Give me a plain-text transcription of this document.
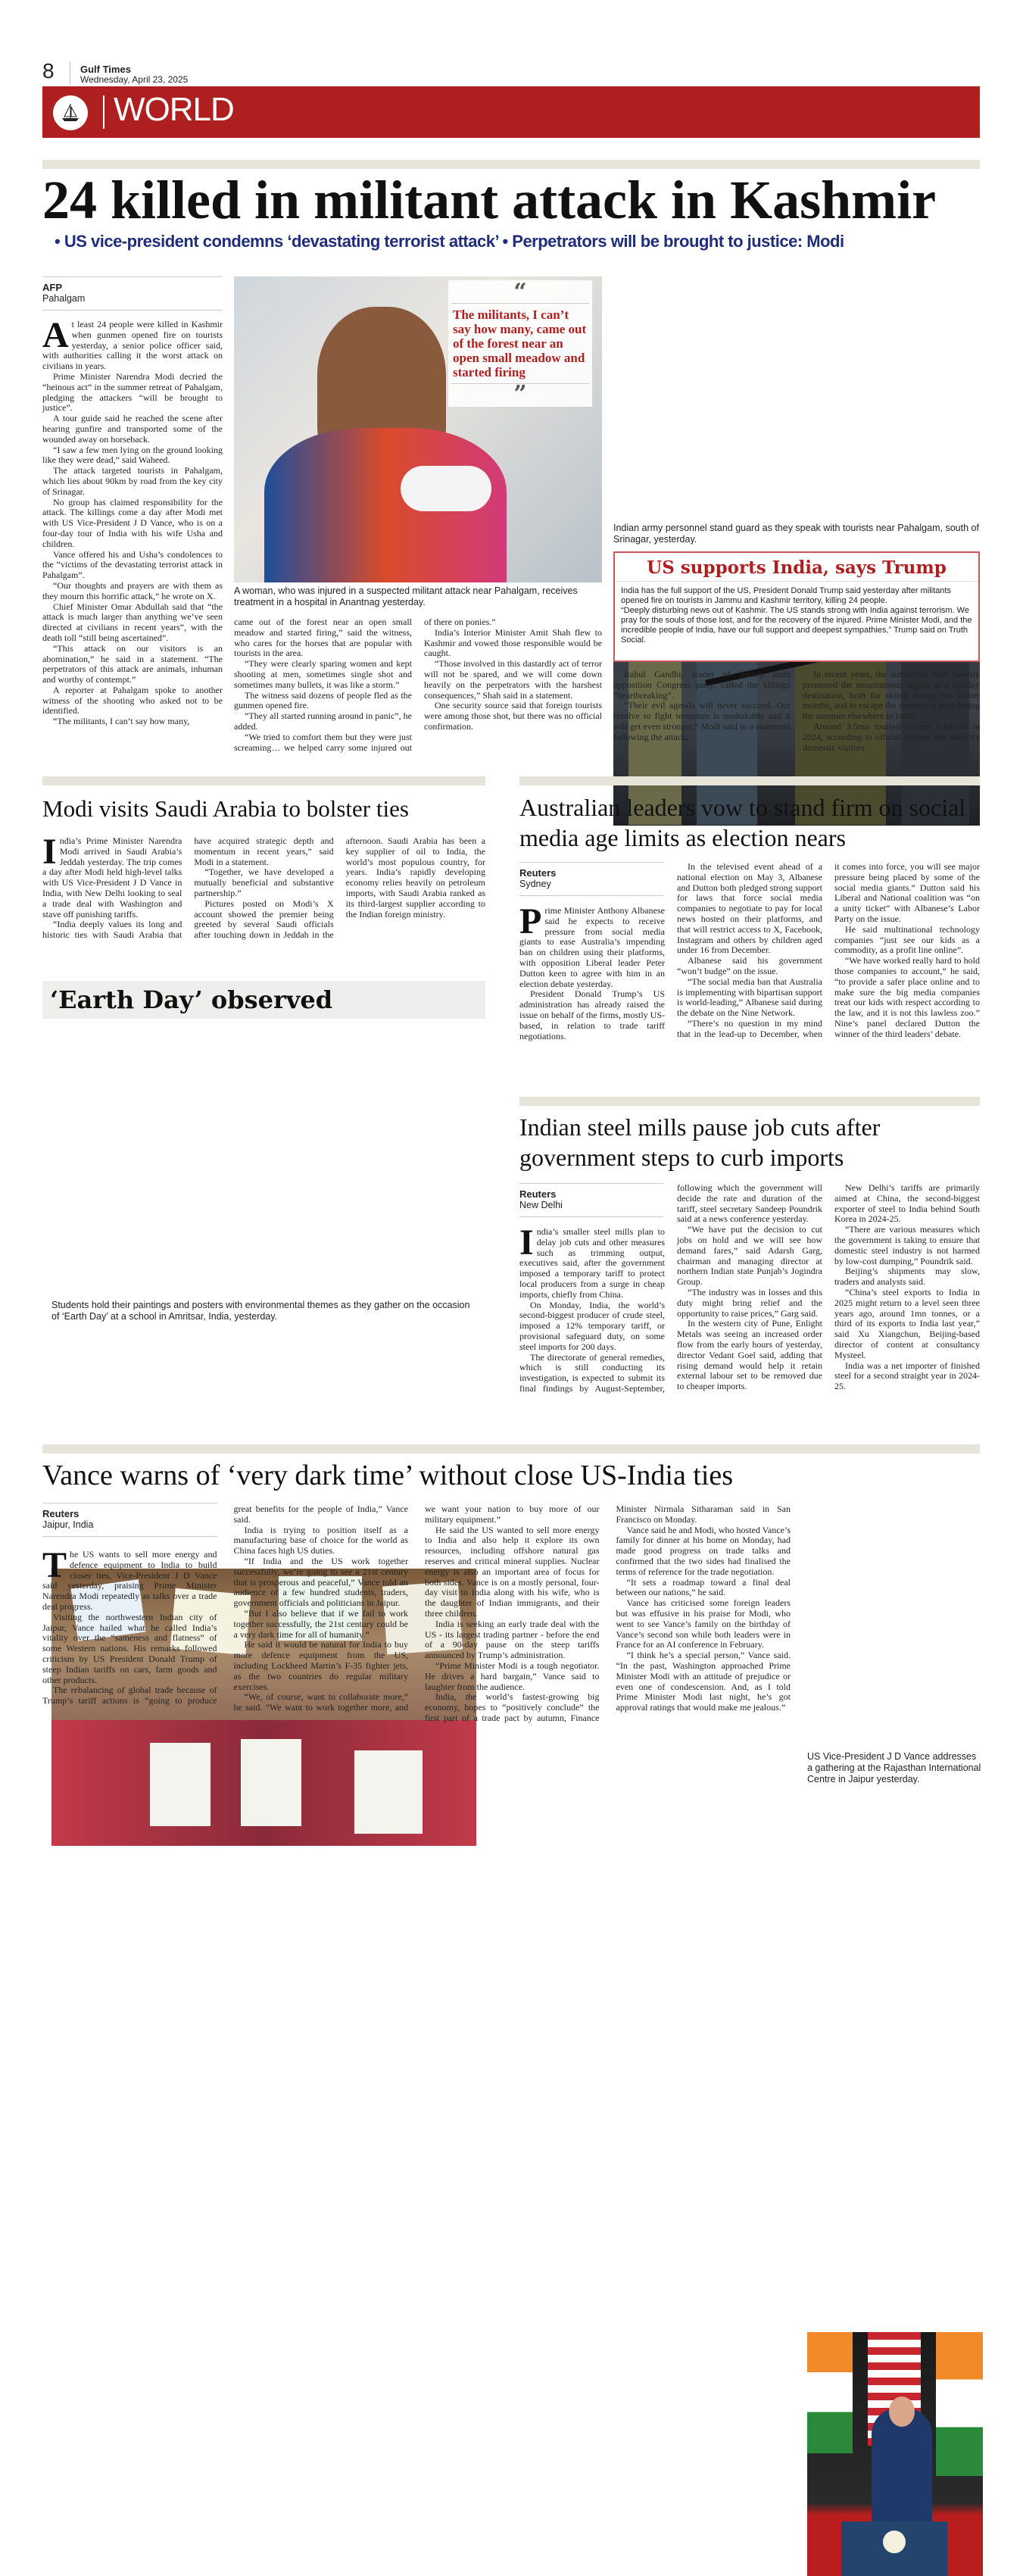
8	Gulf Times
Wednesday, April 23, 2025
WORLD
24 killed in militant attack in Kashmir
• US vice-president condemns ‘devastating terrorist attack’ • Perpetrators will be brought to justice: Modi
AFP
Pahalgam

At least 24 people were killed in Kashmir when gunmen opened fire on tourists yesterday, a senior police officer said, with authorities calling it the worst attack on civilians in years.

Prime Minister Narendra Modi decried the “heinous act” in the summer retreat of Pahalgam, pledging the attackers “will be brought to justice”.

A tour guide said he reached the scene after hearing gunfire and transported some of the wounded away on horseback.

“I saw a few men lying on the ground looking like they were dead,” said Waheed.

The attack targeted tourists in Pahalgam, which lies about 90km by road from the key city of Srinagar.

No group has claimed responsibility for the attack. The killings come a day after Modi met with US Vice-President J D Vance, who is on a four-day tour of India with his wife Usha and children.

Vance offered his and Usha’s condolences to the “victims of the devastating terrorist attack in Pahalgam”.

“Our thoughts and prayers are with them as they mourn this horrific attack,” he wrote on X.

Chief Minister Omar Abdullah said that “the attack is much larger than anything we’ve seen directed at civilians in recent years”, with the death toll “still being ascertained”.

“This attack on our visitors is an abomination,” he said in a statement. “The perpetrators of this attack are animals, inhuman and worthy of contempt.”

A reporter at Pahalgam spoke to another witness of the shooting who asked not to be identified.

“The militants, I can’t say how many,

“
The militants, I can’t say how many, came out of the forest near an open small meadow and started firing
”
A woman, who was injured in a suspected militant attack near Pahalgam, receives treatment in a hospital in Anantnag yesterday.

came out of the forest near an open small meadow and started firing,” said the witness, who cares for the horses that are popular with tourists in the area.

“They were clearly sparing women and kept shooting at men, sometimes single shot and sometimes many bullets, it was like a storm.”

The witness said dozens of people fled as the gunmen opened fire.

“They all started running around in panic”, he added.

“We tried to comfort them but they were just screaming… we helped carry some injured out of there on ponies.”

India’s Interior Minister Amit Shah flew to Kashmir and vowed those responsible would be caught.

“Those involved in this dastardly act of terror will not be spared, and we will come down heavily on the perpetrators with the harshest consequences,” Shah said in a statement.

One security source said that foreign tourists were among those shot, but there was no official confirmation.

Indian army personnel stand guard as they speak with tourists near Pahalgam, south of Srinagar, yesterday.
US supports India, says Trump
India has the full support of the US, President Donald Trump said yesterday after militants opened fire on tourists in Jammu and Kashmir territory, killing 24 people.
“Deeply disturbing news out of Kashmir. The US stands strong with India against terrorism. We pray for the souls of those lost, and for the recovery of the injured. Prime Minister Modi, and the incredible people of India, have our full support and deepest sympathies,” Trump said on Truth Social.

Rahul Gandhi, leader of India’s main opposition Congress party, called the killings “heartbreaking”.

“Their evil agenda will never succeed. Our resolve to fight terrorism is unshakable and it will get even stronger,” Modi said in a statement following the attack.

In recent years, the authorities have heavily promoted the mountainous region as a holiday destination, both for skiing during the winter months, and to escape the sweltering heat during the summer elsewhere in India.

Around 3.5mn tourists visited Kashmir in 2024, according to official figures, the majority domestic visitors.

Modi visits Saudi Arabia to bolster ties

India’s Prime Minister Narendra Modi arrived in Saudi Arabia’s Jeddah yesterday. The trip comes a day after Modi held high-level talks with US Vice-President J D Vance in India, with New Delhi looking to seal a trade deal with Washington and stave off punishing tariffs.

“India deeply values its long and historic ties with Saudi Arabia that have acquired strategic depth and momentum in recent years,” said Modi in a statement.

“Together, we have developed a mutually beneficial and substantive partnership.”

Pictures posted on Modi’s X account showed the premier being greeted by several Saudi officials after touching down in Jeddah in the afternoon. Saudi Arabia has been a key supplier of oil to India, the world’s most populous country, for years. India’s rapidly developing economy relies heavily on petroleum imports, with Saudi Arabia ranked as its third-largest supplier according to the Indian foreign ministry.

‘Earth Day’ observed
Students hold their paintings and posters with environmental themes as they gather on the occasion of ‘Earth Day’ at a school in Amritsar, India, yesterday.
Australian leaders vow to stand firm on social media age limits as election nears
Reuters
Sydney

Prime Minister Anthony Albanese said he expects to receive pressure from social media giants to ease Australia’s impending ban on children using their platforms, with opposition Liberal leader Peter Dutton keen to agree with him in an election debate yesterday.

President Donald Trump’s US administration has already raised the issue on behalf of the firms, mostly US-based, in relation to trade tariff negotiations.

In the televised event ahead of a national election on May 3, Albanese and Dutton both pledged strong support for laws that force social media companies to negotiate to pay for local news hosted on their platforms, and that will restrict access to X, Facebook, Instagram and others by children aged under 16 from December.

Albanese said his government “won’t budge” on the issue.

“The social media ban that Australia is implementing with bipartisan support is world-leading,” Albanese said during the debate on the Nine Network.

“There’s no question in my mind that in the lead-up to December, when it comes into force, you will see major pressure being placed by some of the social media giants.” Dutton said his Liberal and National coalition was “on a unity ticket” with Albanese’s Labor Party on the issue.

He said multinational technology companies “just see our kids as a commodity, as a profit line online”.

“We have worked really hard to hold those companies to account,” he said, “to provide a safer place online and to make sure the big media companies treat our kids with respect according to the law, and it is not this lawless zoo.” Nine’s panel declared Dutton the winner of the third leaders’ debate.

Indian steel mills pause job cuts after government steps to curb imports
Reuters
New Delhi

India’s smaller steel mills plan to delay job cuts and other measures such as trimming output, executives said, after the government imposed a temporary tariff to protect local producers from a surge in cheap imports, chiefly from China.

On Monday, India, the world’s second-biggest producer of crude steel, imposed a 12% temporary tariff, or provisional safeguard duty, on some steel imports for 200 days.

The directorate of general remedies, which is still conducting its investigation, is expected to submit its final findings by August-September, following which the government will decide the rate and duration of the tariff, steel secretary Sandeep Poundrik said at a news conference yesterday.

“We have put the decision to cut jobs on hold and we will see how demand fares,” said Adarsh Garg, chairman and managing director at northern Indian state Punjab’s Jogindra Group.

“The industry was in losses and this duty might bring relief and the opportunity to raise prices,” Garg said.

In the western city of Pune, Enlight Metals was seeing an increased order flow from the early hours of yesterday, director Vedant Goel said, adding that rising demand would help it retain external labour set to be removed due to cheaper imports.

New Delhi’s tariffs are primarily aimed at China, the second-biggest exporter of steel to India behind South Korea in 2024-25.

“There are various measures which the government is taking to ensure that domestic steel industry is not harmed by low-cost dumping,” Poundrik said.

Beijing’s shipments may slow, traders and analysts said.

“China’s steel exports to India in 2025 might return to a level seen three years ago, around 1mn tonnes, or a third of its exports to India last year,” said Xu Xiangchun, Beijing-based director of content at consultancy Mysteel.

India was a net importer of finished steel for a second straight year in 2024-25.

Vance warns of ‘very dark time’ without close US-India ties
Reuters
Jaipur, India

The US wants to sell more energy and defence equipment to India to build closer ties, Vice-President J D Vance said yesterday, praising Prime Minister Narendra Modi repeatedly as talks over a trade deal progress.

Visiting the northwestern Indian city of Jaipur, Vance hailed what he called India’s vitality over the “sameness and flatness” of some Western nations. His remarks followed criticism by US President Donald Trump of steep Indian tariffs on cars, farm goods and other products.

The rebalancing of global trade because of Trump’s tariff actions is “going to produce great benefits for the people of India,” Vance said.

India is trying to position itself as a manufacturing base of choice for the world as China faces high US duties.

“If India and the US work together successfully, we’re going to see a 21st century that is prosperous and peaceful,” Vance told an audience of a few hundred students, traders, government officials and politicians in Jaipur.

“But I also believe that if we fail to work together successfully, the 21st century could be a very dark time for all of humanity.”

He said it would be natural for India to buy more defence equipment from the US, including Lockheed Martin’s F-35 fighter jets, as the two countries do regular military exercises.

“We, of course, want to collaborate more,” he said. “We want to work together more, and we want your nation to buy more of our military equipment.”

He said the US wanted to sell more energy to India and also help it explore its own resources, including offshore natural gas reserves and critical mineral supplies. Nuclear energy is also an important area of focus for both sides. Vance is on a mostly personal, four-day visit to India along with his wife, who is the daughter of Indian immigrants, and their three children.

India is seeking an early trade deal with the US - its largest trading partner - before the end of a 90-day pause on the steep tariffs announced by Trump’s administration.

“Prime Minister Modi is a tough negotiator. He drives a hard bargain,” Vance said to laughter from the audience.

India, the world’s fastest-growing big economy, hopes to “positively conclude” the first part of a trade pact by autumn, Finance Minister Nirmala Sitharaman said in San Francisco on Monday.

Vance said he and Modi, who hosted Vance’s family for dinner at his home on Monday, had made good progress on trade talks and confirmed that the two sides had finalised the terms of reference for the trade negotiation.

“It sets a roadmap toward a final deal between our nations,” he said.

Vance has criticised some foreign leaders but was effusive in his praise for Modi, who went to see Vance’s family on the birthday of Vance’s second son while both leaders were in France for an AI conference in February.

“I think he’s a special person,” Vance said. “In the past, Washington approached Prime Minister Modi with an attitude of prejudice or even one of condescension. And, as I told Prime Minister Modi last night, he’s got approval ratings that would make me jealous.”

US Vice-President J D Vance addresses a gathering at the Rajasthan International Centre in Jaipur yesterday.
